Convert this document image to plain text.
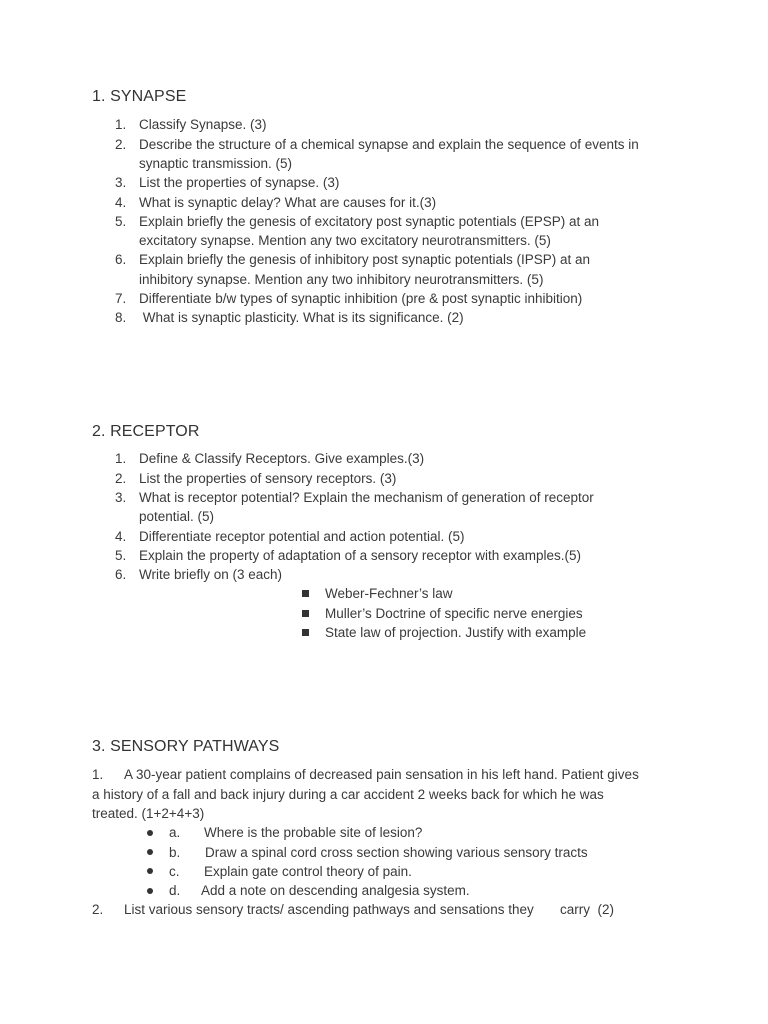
1. SYNAPSE

1.

Classify Synapse. (3)

2.

Describe the structure of a chemical synapse and explain the sequence of events in

synaptic transmission. (5)

3.

List the properties of synapse. (3)

4.

What is synaptic delay? What are causes for it.(3)

5.

Explain briefly the genesis of excitatory post synaptic potentials (EPSP) at an

excitatory synapse. Mention any two excitatory neurotransmitters. (5)

6.

Explain briefly the genesis of inhibitory post synaptic potentials (IPSP) at an

inhibitory synapse. Mention any two inhibitory neurotransmitters. (5)

7.

Differentiate b/w types of synaptic inhibition (pre & post synaptic inhibition)

8.

What is synaptic plasticity. What is its significance. (2)

2. RECEPTOR

1.

Define & Classify Receptors. Give examples.(3)

2.

List the properties of sensory receptors. (3)

3.

What is receptor potential? Explain the mechanism of generation of receptor

potential. (5)

4.

Differentiate receptor potential and action potential. (5)

5.

Explain the property of adaptation of a sensory receptor with examples.(5)

6.

Write briefly on (3 each)

Weber-Fechner’s law

Muller’s Doctrine of specific nerve energies

State law of projection. Justify with example

3. SENSORY PATHWAYS

1.

A 30-year patient complains of decreased pain sensation in his left hand. Patient gives

a history of a fall and back injury during a car accident 2 weeks back for which he was

treated. (1+2+4+3)

a.

Where is the probable site of lesion?

b.

Draw a spinal cord cross section showing various sensory tracts

c.

Explain gate control theory of pain.

d.

Add a note on descending analgesia system.

2.

List various sensory tracts/ ascending pathways and sensations they       carry  (2)
